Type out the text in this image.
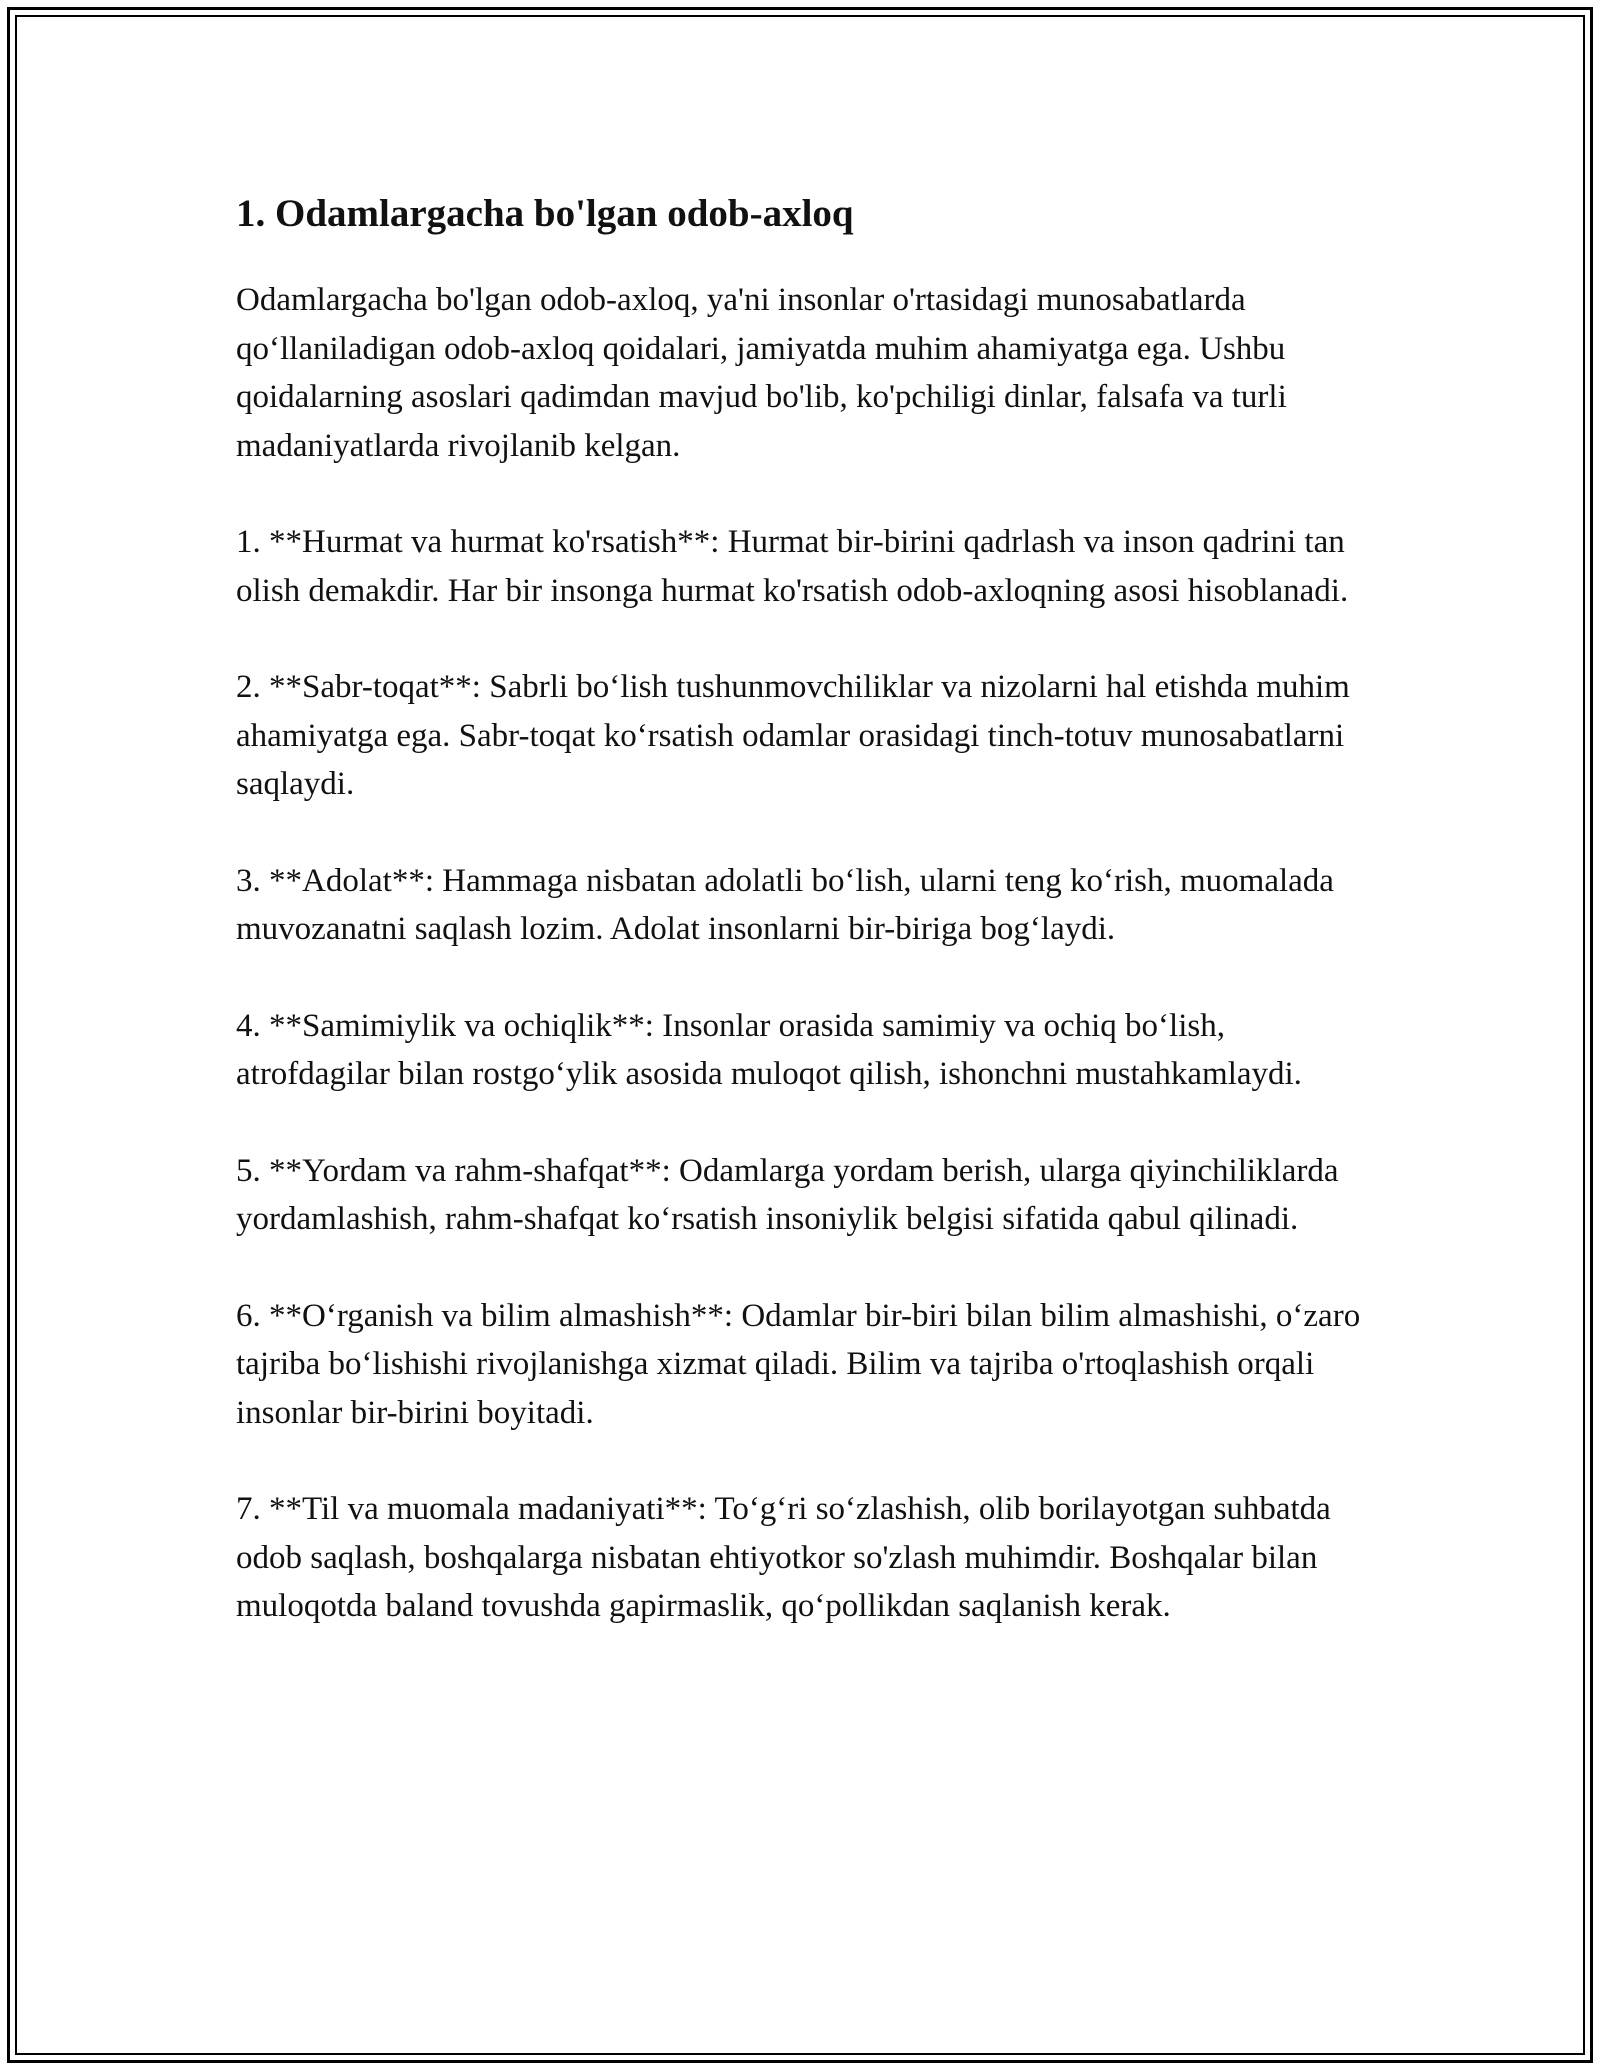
1. Odamlargacha bo'lgan odob-axloq

Odamlargacha bo'lgan odob-axloq, ya'ni insonlar o'rtasidagi munosabatlarda qo‘llaniladigan odob-axloq qoidalari, jamiyatda muhim ahamiyatga ega. Ushbu qoidalarning asoslari qadimdan mavjud bo'lib, ko'pchiligi dinlar, falsafa va turli madaniyatlarda rivojlanib kelgan.

1. **Hurmat va hurmat ko'rsatish**: Hurmat bir-birini qadrlash va inson qadrini tan olish demakdir. Har bir insonga hurmat ko'rsatish odob-axloqning asosi hisoblanadi.

2. **Sabr-toqat**: Sabrli bo‘lish tushunmovchiliklar va nizolarni hal etishda muhim ahamiyatga ega. Sabr-toqat ko‘rsatish odamlar orasidagi tinch-totuv munosabatlarni saqlaydi.

3. **Adolat**: Hammaga nisbatan adolatli bo‘lish, ularni teng ko‘rish, muomalada muvozanatni saqlash lozim. Adolat insonlarni bir-biriga bog‘laydi.

4. **Samimiylik va ochiqlik**: Insonlar orasida samimiy va ochiq bo‘lish, atrofdagilar bilan rostgo‘ylik asosida muloqot qilish, ishonchni mustahkamlaydi.

5. **Yordam va rahm-shafqat**: Odamlarga yordam berish, ularga qiyinchiliklarda yordamlashish, rahm-shafqat ko‘rsatish insoniylik belgisi sifatida qabul qilinadi.

6. **O‘rganish va bilim almashish**: Odamlar bir-biri bilan bilim almashishi, o‘zaro tajriba bo‘lishishi rivojlanishga xizmat qiladi. Bilim va tajriba o'rtoqlashish orqali insonlar bir-birini boyitadi.

7. **Til va muomala madaniyati**: To‘g‘ri so‘zlashish, olib borilayotgan suhbatda odob saqlash, boshqalarga nisbatan ehtiyotkor so'zlash muhimdir. Boshqalar bilan muloqotda baland tovushda gapirmaslik, qo‘pollikdan saqlanish kerak.
